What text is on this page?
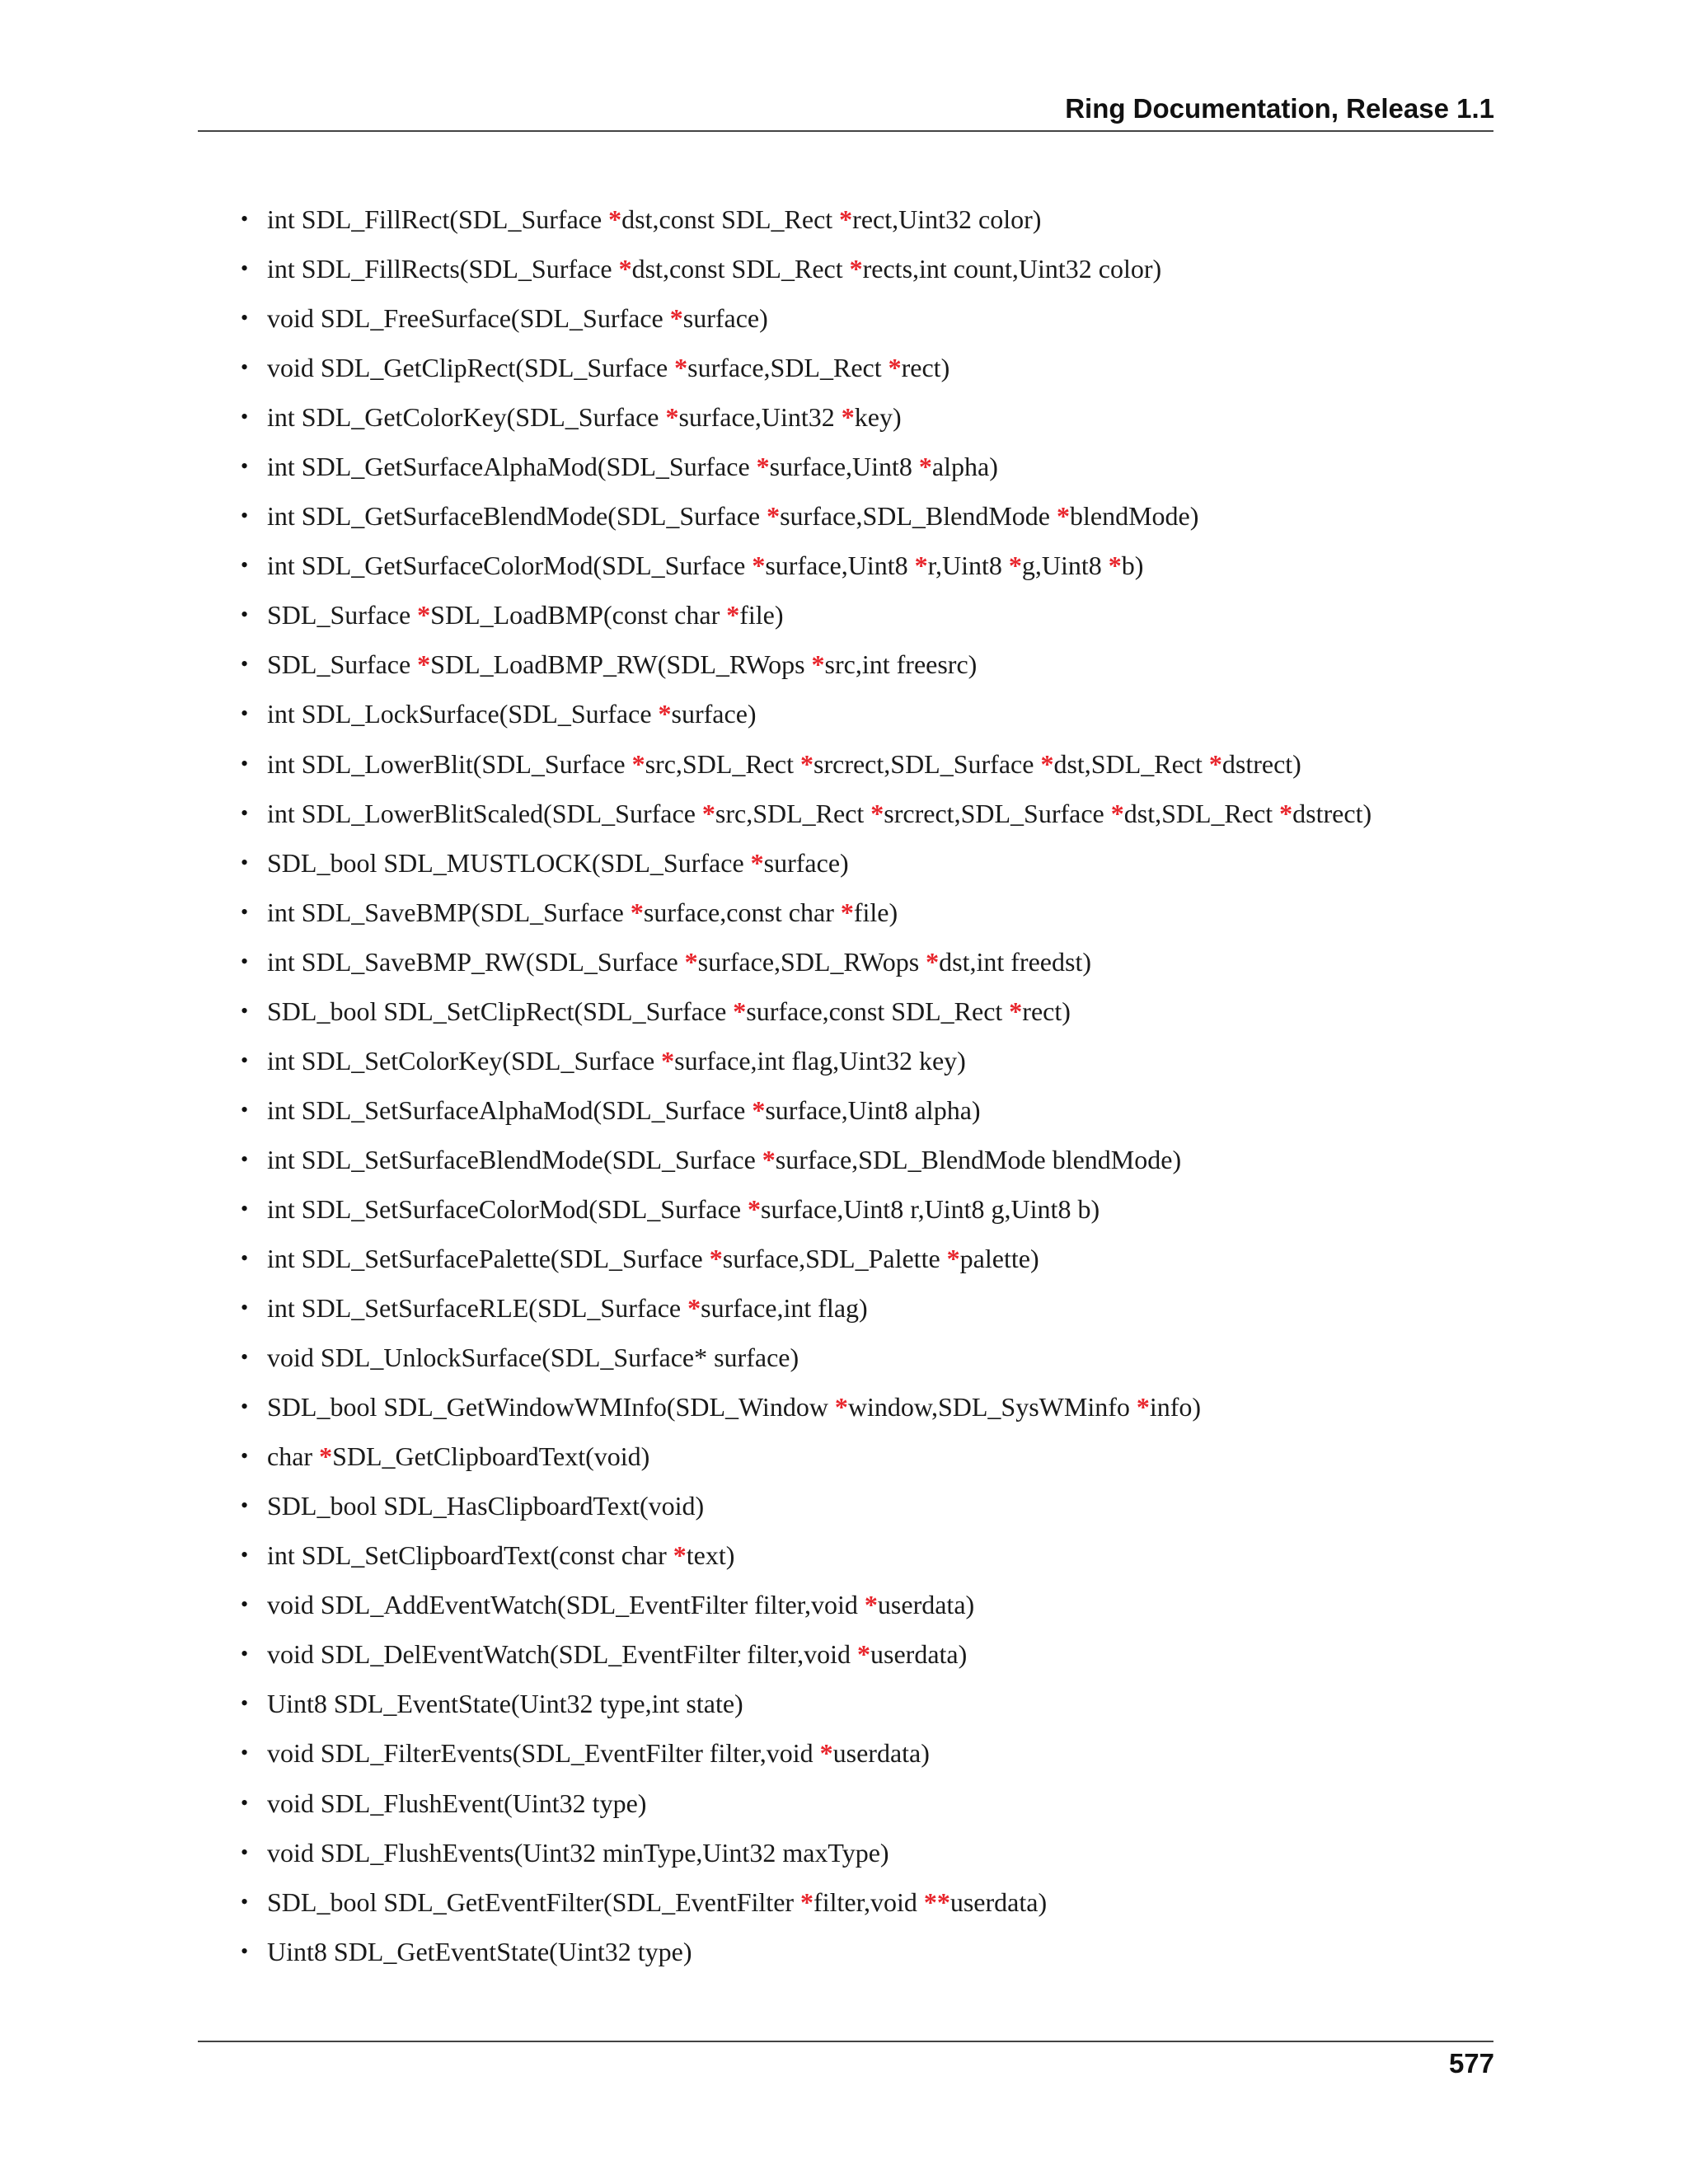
Ring Documentation, Release 1.1
• int SDL_FillRect(SDL_Surface *dst,const SDL_Rect *rect,Uint32 color)
• int SDL_FillRects(SDL_Surface *dst,const SDL_Rect *rects,int count,Uint32 color)
• void SDL_FreeSurface(SDL_Surface *surface)
• void SDL_GetClipRect(SDL_Surface *surface,SDL_Rect *rect)
• int SDL_GetColorKey(SDL_Surface *surface,Uint32 *key)
• int SDL_GetSurfaceAlphaMod(SDL_Surface *surface,Uint8 *alpha)
• int SDL_GetSurfaceBlendMode(SDL_Surface *surface,SDL_BlendMode *blendMode)
• int SDL_GetSurfaceColorMod(SDL_Surface *surface,Uint8 *r,Uint8 *g,Uint8 *b)
• SDL_Surface *SDL_LoadBMP(const char *file)
• SDL_Surface *SDL_LoadBMP_RW(SDL_RWops *src,int freesrc)
• int SDL_LockSurface(SDL_Surface *surface)
• int SDL_LowerBlit(SDL_Surface *src,SDL_Rect *srcrect,SDL_Surface *dst,SDL_Rect *dstrect)
• int SDL_LowerBlitScaled(SDL_Surface *src,SDL_Rect *srcrect,SDL_Surface *dst,SDL_Rect *dstrect)
• SDL_bool SDL_MUSTLOCK(SDL_Surface *surface)
• int SDL_SaveBMP(SDL_Surface *surface,const char *file)
• int SDL_SaveBMP_RW(SDL_Surface *surface,SDL_RWops *dst,int freedst)
• SDL_bool SDL_SetClipRect(SDL_Surface *surface,const SDL_Rect *rect)
• int SDL_SetColorKey(SDL_Surface *surface,int flag,Uint32 key)
• int SDL_SetSurfaceAlphaMod(SDL_Surface *surface,Uint8 alpha)
• int SDL_SetSurfaceBlendMode(SDL_Surface *surface,SDL_BlendMode blendMode)
• int SDL_SetSurfaceColorMod(SDL_Surface *surface,Uint8 r,Uint8 g,Uint8 b)
• int SDL_SetSurfacePalette(SDL_Surface *surface,SDL_Palette *palette)
• int SDL_SetSurfaceRLE(SDL_Surface *surface,int flag)
• void SDL_UnlockSurface(SDL_Surface* surface)
• SDL_bool SDL_GetWindowWMInfo(SDL_Window *window,SDL_SysWMinfo *info)
• char *SDL_GetClipboardText(void)
• SDL_bool SDL_HasClipboardText(void)
• int SDL_SetClipboardText(const char *text)
• void SDL_AddEventWatch(SDL_EventFilter filter,void *userdata)
• void SDL_DelEventWatch(SDL_EventFilter filter,void *userdata)
• Uint8 SDL_EventState(Uint32 type,int state)
• void SDL_FilterEvents(SDL_EventFilter filter,void *userdata)
• void SDL_FlushEvent(Uint32 type)
• void SDL_FlushEvents(Uint32 minType,Uint32 maxType)
• SDL_bool SDL_GetEventFilter(SDL_EventFilter *filter,void **userdata)
• Uint8 SDL_GetEventState(Uint32 type)
577
